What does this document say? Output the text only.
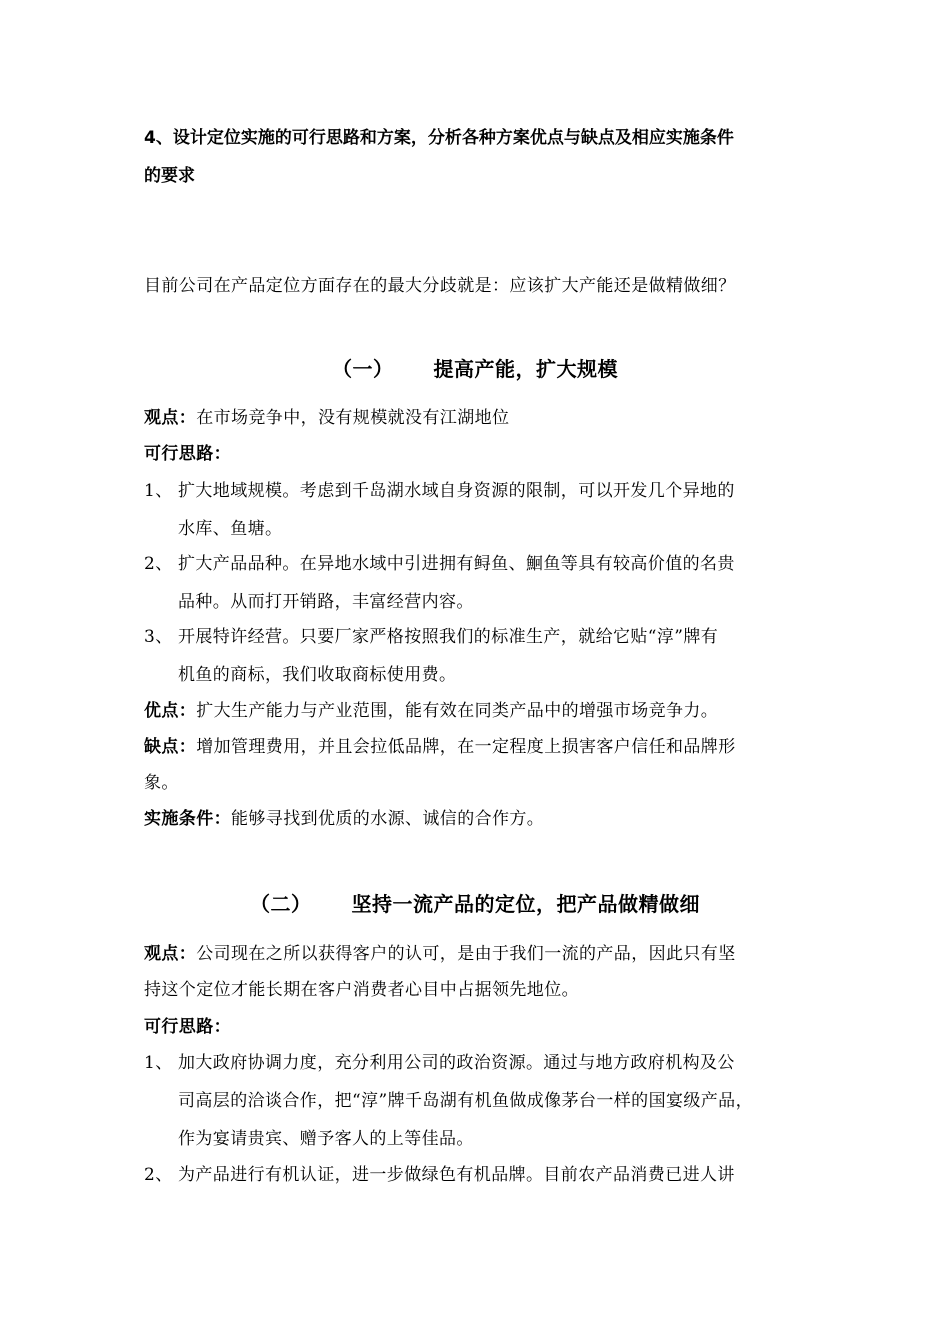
4、设计定位实施的可行思路和方案，分析各种方案优点与缺点及相应实施条件
的要求
目前公司在产品定位方面存在的最大分歧就是：应该扩大产能还是做精做细？
（一） 提高产能，扩大规模
观点：在市场竞争中，没有规模就没有江湖地位
可行思路：
1、 扩大地域规模。考虑到千岛湖水域自身资源的限制，可以开发几个异地的
水库、鱼塘。
2、 扩大产品品种。在异地水域中引进拥有鲟鱼、鮰鱼等具有较高价值的名贵
品种。从而打开销路，丰富经营内容。
3、 开展特许经营。只要厂家严格按照我们的标准生产，就给它贴“淳”牌有
机鱼的商标，我们收取商标使用费。
优点：扩大生产能力与产业范围，能有效在同类产品中的增强市场竞争力。
缺点：增加管理费用，并且会拉低品牌，在一定程度上损害客户信任和品牌形
象。
实施条件：能够寻找到优质的水源、诚信的合作方。
（二） 坚持一流产品的定位，把产品做精做细
观点：公司现在之所以获得客户的认可，是由于我们一流的产品，因此只有坚
持这个定位才能长期在客户消费者心目中占据领先地位。
可行思路：
1、 加大政府协调力度，充分利用公司的政治资源。通过与地方政府机构及公
司高层的洽谈合作，把“淳”牌千岛湖有机鱼做成像茅台一样的国宴级产品，
作为宴请贵宾、赠予客人的上等佳品。
2、 为产品进行有机认证，进一步做绿色有机品牌。目前农产品消费已进人讲
